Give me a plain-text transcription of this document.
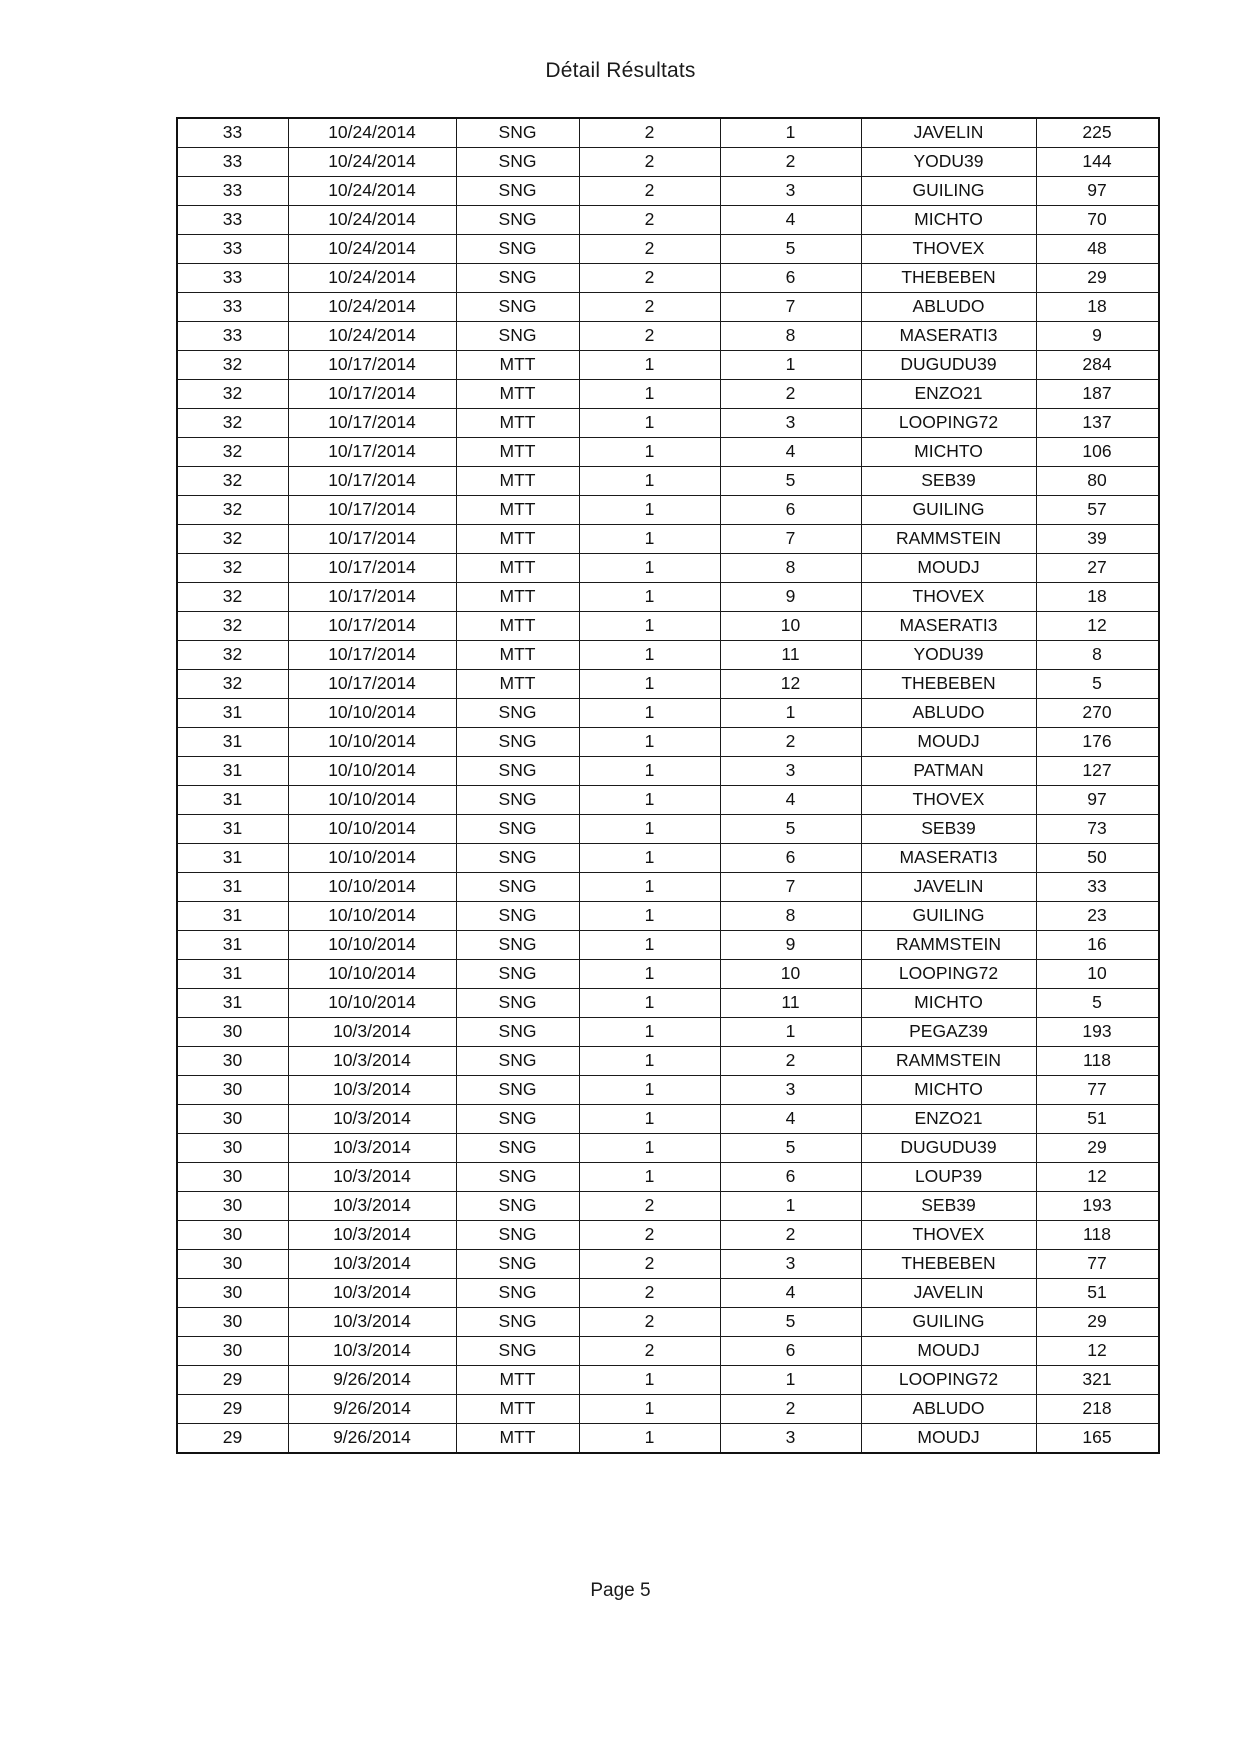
Détail Résultats
33	10/24/2014	SNG	2	1	JAVELIN	225
33	10/24/2014	SNG	2	2	YODU39	144
33	10/24/2014	SNG	2	3	GUILING	97
33	10/24/2014	SNG	2	4	MICHTO	70
33	10/24/2014	SNG	2	5	THOVEX	48
33	10/24/2014	SNG	2	6	THEBEBEN	29
33	10/24/2014	SNG	2	7	ABLUDO	18
33	10/24/2014	SNG	2	8	MASERATI3	9
32	10/17/2014	MTT	1	1	DUGUDU39	284
32	10/17/2014	MTT	1	2	ENZO21	187
32	10/17/2014	MTT	1	3	LOOPING72	137
32	10/17/2014	MTT	1	4	MICHTO	106
32	10/17/2014	MTT	1	5	SEB39	80
32	10/17/2014	MTT	1	6	GUILING	57
32	10/17/2014	MTT	1	7	RAMMSTEIN	39
32	10/17/2014	MTT	1	8	MOUDJ	27
32	10/17/2014	MTT	1	9	THOVEX	18
32	10/17/2014	MTT	1	10	MASERATI3	12
32	10/17/2014	MTT	1	11	YODU39	8
32	10/17/2014	MTT	1	12	THEBEBEN	5
31	10/10/2014	SNG	1	1	ABLUDO	270
31	10/10/2014	SNG	1	2	MOUDJ	176
31	10/10/2014	SNG	1	3	PATMAN	127
31	10/10/2014	SNG	1	4	THOVEX	97
31	10/10/2014	SNG	1	5	SEB39	73
31	10/10/2014	SNG	1	6	MASERATI3	50
31	10/10/2014	SNG	1	7	JAVELIN	33
31	10/10/2014	SNG	1	8	GUILING	23
31	10/10/2014	SNG	1	9	RAMMSTEIN	16
31	10/10/2014	SNG	1	10	LOOPING72	10
31	10/10/2014	SNG	1	11	MICHTO	5
30	10/3/2014	SNG	1	1	PEGAZ39	193
30	10/3/2014	SNG	1	2	RAMMSTEIN	118
30	10/3/2014	SNG	1	3	MICHTO	77
30	10/3/2014	SNG	1	4	ENZO21	51
30	10/3/2014	SNG	1	5	DUGUDU39	29
30	10/3/2014	SNG	1	6	LOUP39	12
30	10/3/2014	SNG	2	1	SEB39	193
30	10/3/2014	SNG	2	2	THOVEX	118
30	10/3/2014	SNG	2	3	THEBEBEN	77
30	10/3/2014	SNG	2	4	JAVELIN	51
30	10/3/2014	SNG	2	5	GUILING	29
30	10/3/2014	SNG	2	6	MOUDJ	12
29	9/26/2014	MTT	1	1	LOOPING72	321
29	9/26/2014	MTT	1	2	ABLUDO	218
29	9/26/2014	MTT	1	3	MOUDJ	165
Page 5
